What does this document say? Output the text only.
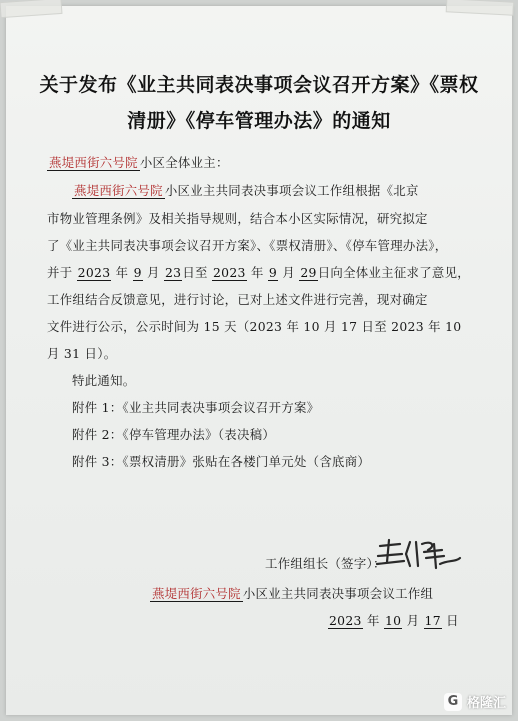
关于发布《业主共同表决事项会议召开方案》《票权
清册》《停车管理办法》的通知
燕堤西街六号院 小区全体业主：
燕堤西街六号院 小区业主共同表决事项会议工作组根据《北京
市物业管理条例》及相关指导规则，结合本小区实际情况，研究拟定
了《业主共同表决事项会议召开方案》、《票权清册》、《停车管理办法》，
并于 2023 年 9 月 23日至 2023 年 9 月 29日向全体业主征求了意见，
工作组结合反馈意见，进行讨论，已对上述文件进行完善，现对确定
文件进行公示，公示时间为 15 天（2023 年 10 月 17 日至 2023 年 10
月 31 日）。
特此通知。
附件 1：《业主共同表决事项会议召开方案》
附件 2：《停车管理办法》（表决稿）
附件 3：《票权清册》张贴在各楼门单元处（含底商）
工作组组长（签字）：
燕堤西街六号院 小区业主共同表决事项会议工作组
2023 年 10 月 17 日
G 格隆汇
